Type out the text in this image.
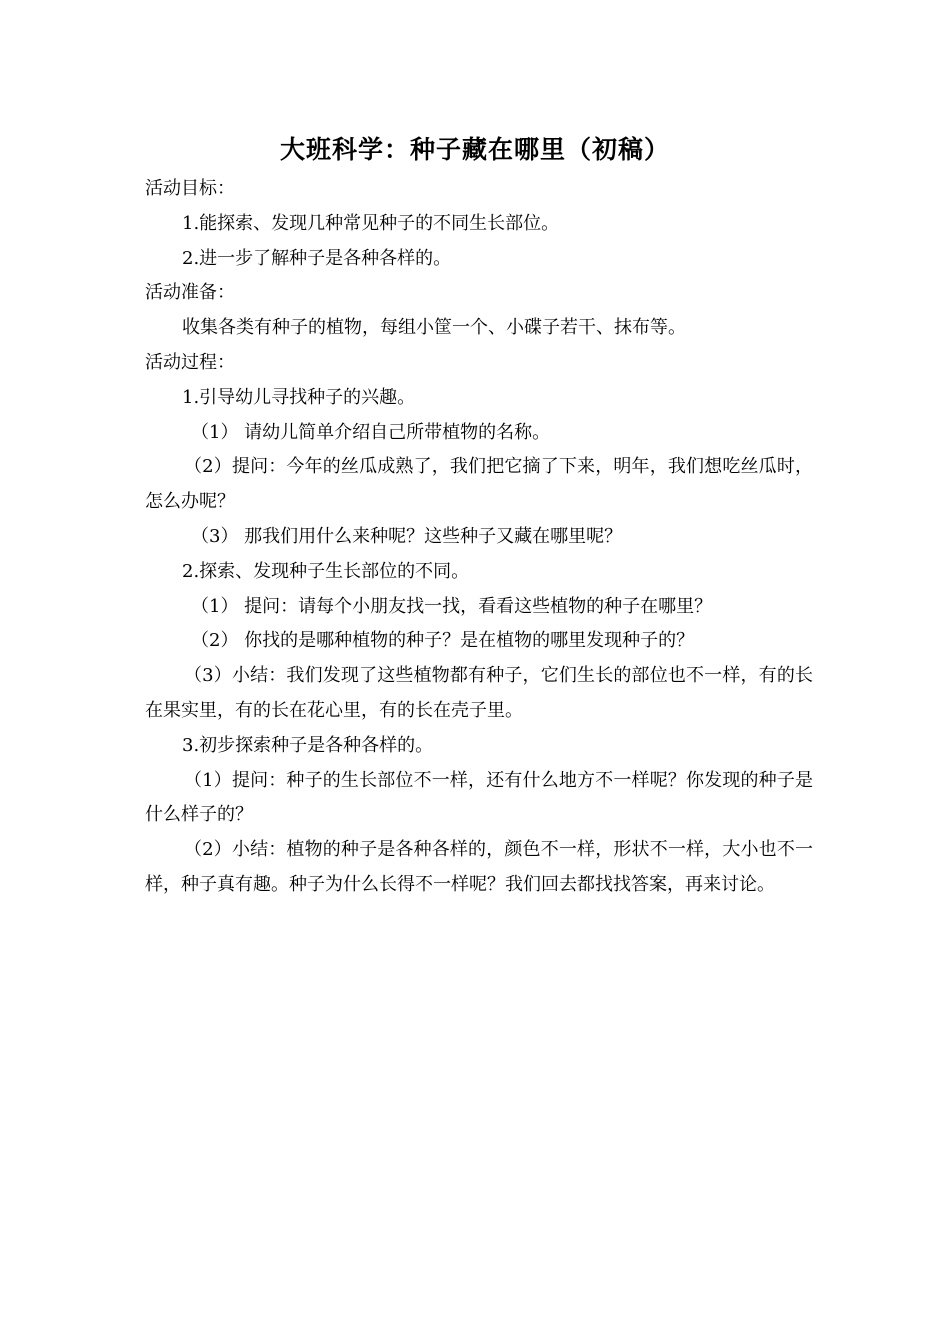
大班科学：种子藏在哪里（初稿）

活动目标：

1.能探索、发现几种常见种子的不同生长部位。

2.进一步了解种子是各种各样的。

活动准备：

收集各类有种子的植物，每组小筐一个、小碟子若干、抹布等。

活动过程：

1.引导幼儿寻找种子的兴趣。

（1） 请幼儿简单介绍自己所带植物的名称。

（2）提问：今年的丝瓜成熟了，我们把它摘了下来，明年，我们想吃丝瓜时，怎么办呢？

（3） 那我们用什么来种呢？这些种子又藏在哪里呢？

2.探索、发现种子生长部位的不同。

（1） 提问：请每个小朋友找一找，看看这些植物的种子在哪里？

（2） 你找的是哪种植物的种子？是在植物的哪里发现种子的？

（3）小结：我们发现了这些植物都有种子，它们生长的部位也不一样，有的长在果实里，有的长在花心里，有的长在壳子里。

3.初步探索种子是各种各样的。

（1）提问：种子的生长部位不一样，还有什么地方不一样呢？你发现的种子是什么样子的？

（2）小结：植物的种子是各种各样的，颜色不一样，形状不一样，大小也不一样，种子真有趣。种子为什么长得不一样呢？我们回去都找找答案，再来讨论。
